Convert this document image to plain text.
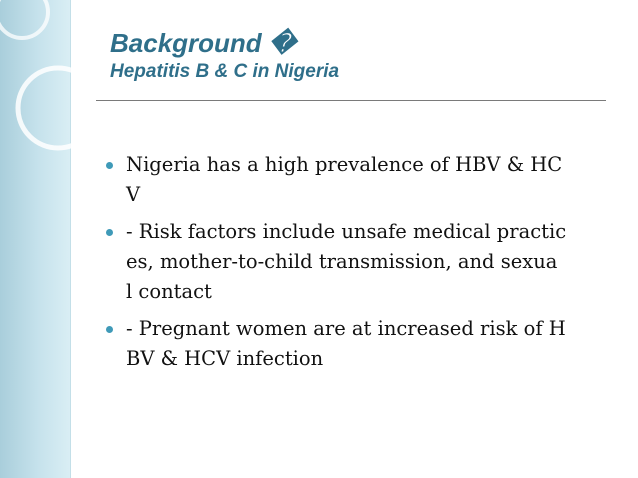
Background �
Hepatitis B & C in Nigeria
Nigeria has a high prevalence of HBV & HC
V
- Risk factors include unsafe medical practic
es, mother-to-child transmission, and sexua
l contact
- Pregnant women are at increased risk of H
BV & HCV infection
